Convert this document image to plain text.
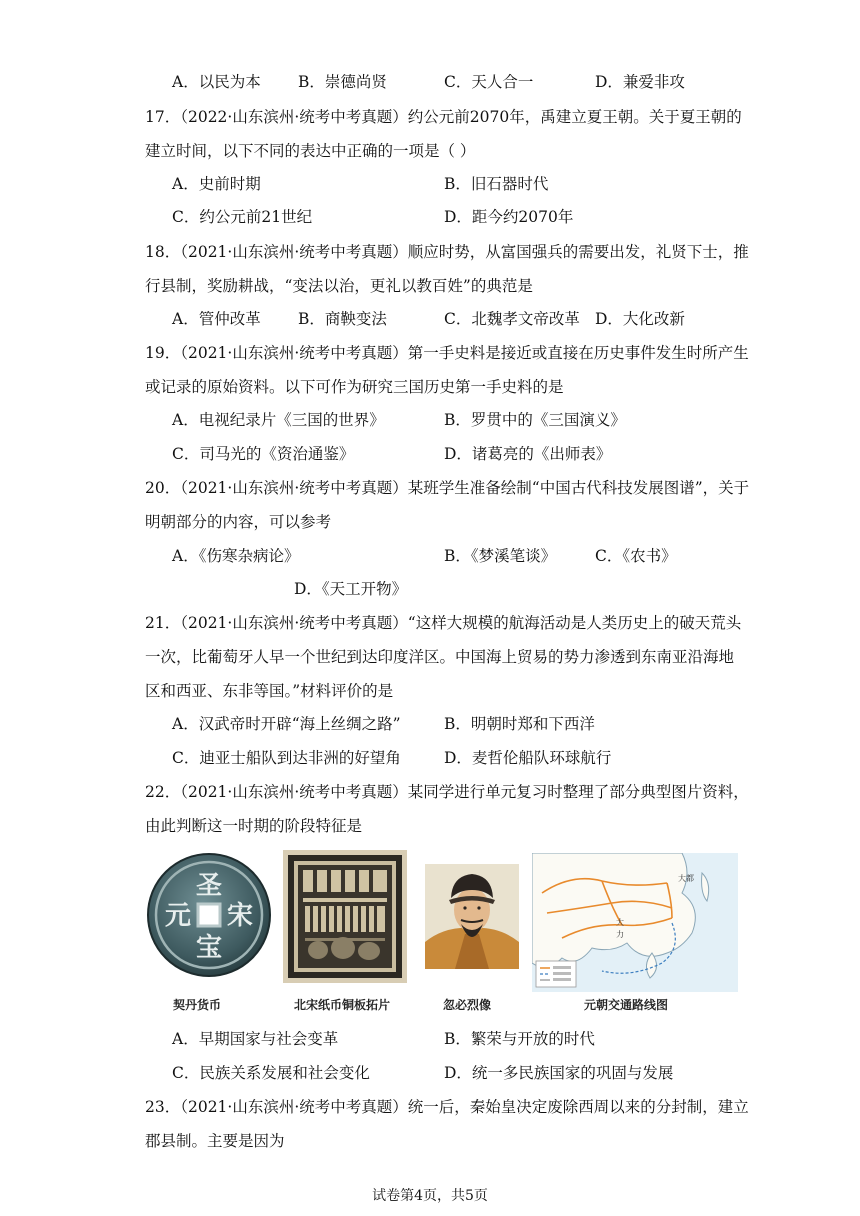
A．以民为本 B．崇德尚贤	C．天人合一	D．兼爱非攻
17．（2022·山东滨州·统考中考真题）约公元前2070年，禹建立夏王朝。关于夏王朝的
建立时间，以下不同的表达中正确的一项是（ ）
A．史前时期	B．旧石器时代
C．约公元前21世纪	D．距今约2070年
18．（2021·山东滨州·统考中考真题）顺应时势，从富国强兵的需要出发，礼贤下士，推
行县制，奖励耕战，“变法以治，更礼以教百姓”的典范是
A．管仲改革 B．商鞅变法	C．北魏孝文帝改革 D．大化改新
19．（2021·山东滨州·统考中考真题）第一手史料是接近或直接在历史事件发生时所产生
或记录的原始资料。以下可作为研究三国历史第一手史料的是
A．电视纪录片《三国的世界》	B．罗贯中的《三国演义》
C．司马光的《资治通鉴》	D．诸葛亮的《出师表》
20．（2021·山东滨州·统考中考真题）某班学生准备绘制“中国古代科技发展图谱”，关于
明朝部分的内容，可以参考
A．《伤寒杂病论》	B．《梦溪笔谈》	C．《农书》
D．《天工开物》
21．（2021·山东滨州·统考中考真题）“这样大规模的航海活动是人类历史上的破天荒头
一次，比葡萄牙人早一个世纪到达印度洋区。中国海上贸易的势力渗透到东南亚沿海地
区和西亚、东非等国。”材料评价的是
A．汉武帝时开辟“海上丝绸之路”	B．明朝时郑和下西洋
C．迪亚士船队到达非洲的好望角	D．麦哲伦船队环球航行
22．（2021·山东滨州·统考中考真题）某同学进行单元复习时整理了部分典型图片资料，
由此判断这一时期的阶段特征是
圣
宝
宋
元
大都
大
力
契丹货币	北宋纸币铜板拓片	忽必烈像	元朝交通路线图
A．早期国家与社会变革	B．繁荣与开放的时代
C．民族关系发展和社会变化	D．统一多民族国家的巩固与发展
23．（2021·山东滨州·统考中考真题）统一后，秦始皇决定废除西周以来的分封制，建立
郡县制。主要是因为
试卷第4页，共5页
